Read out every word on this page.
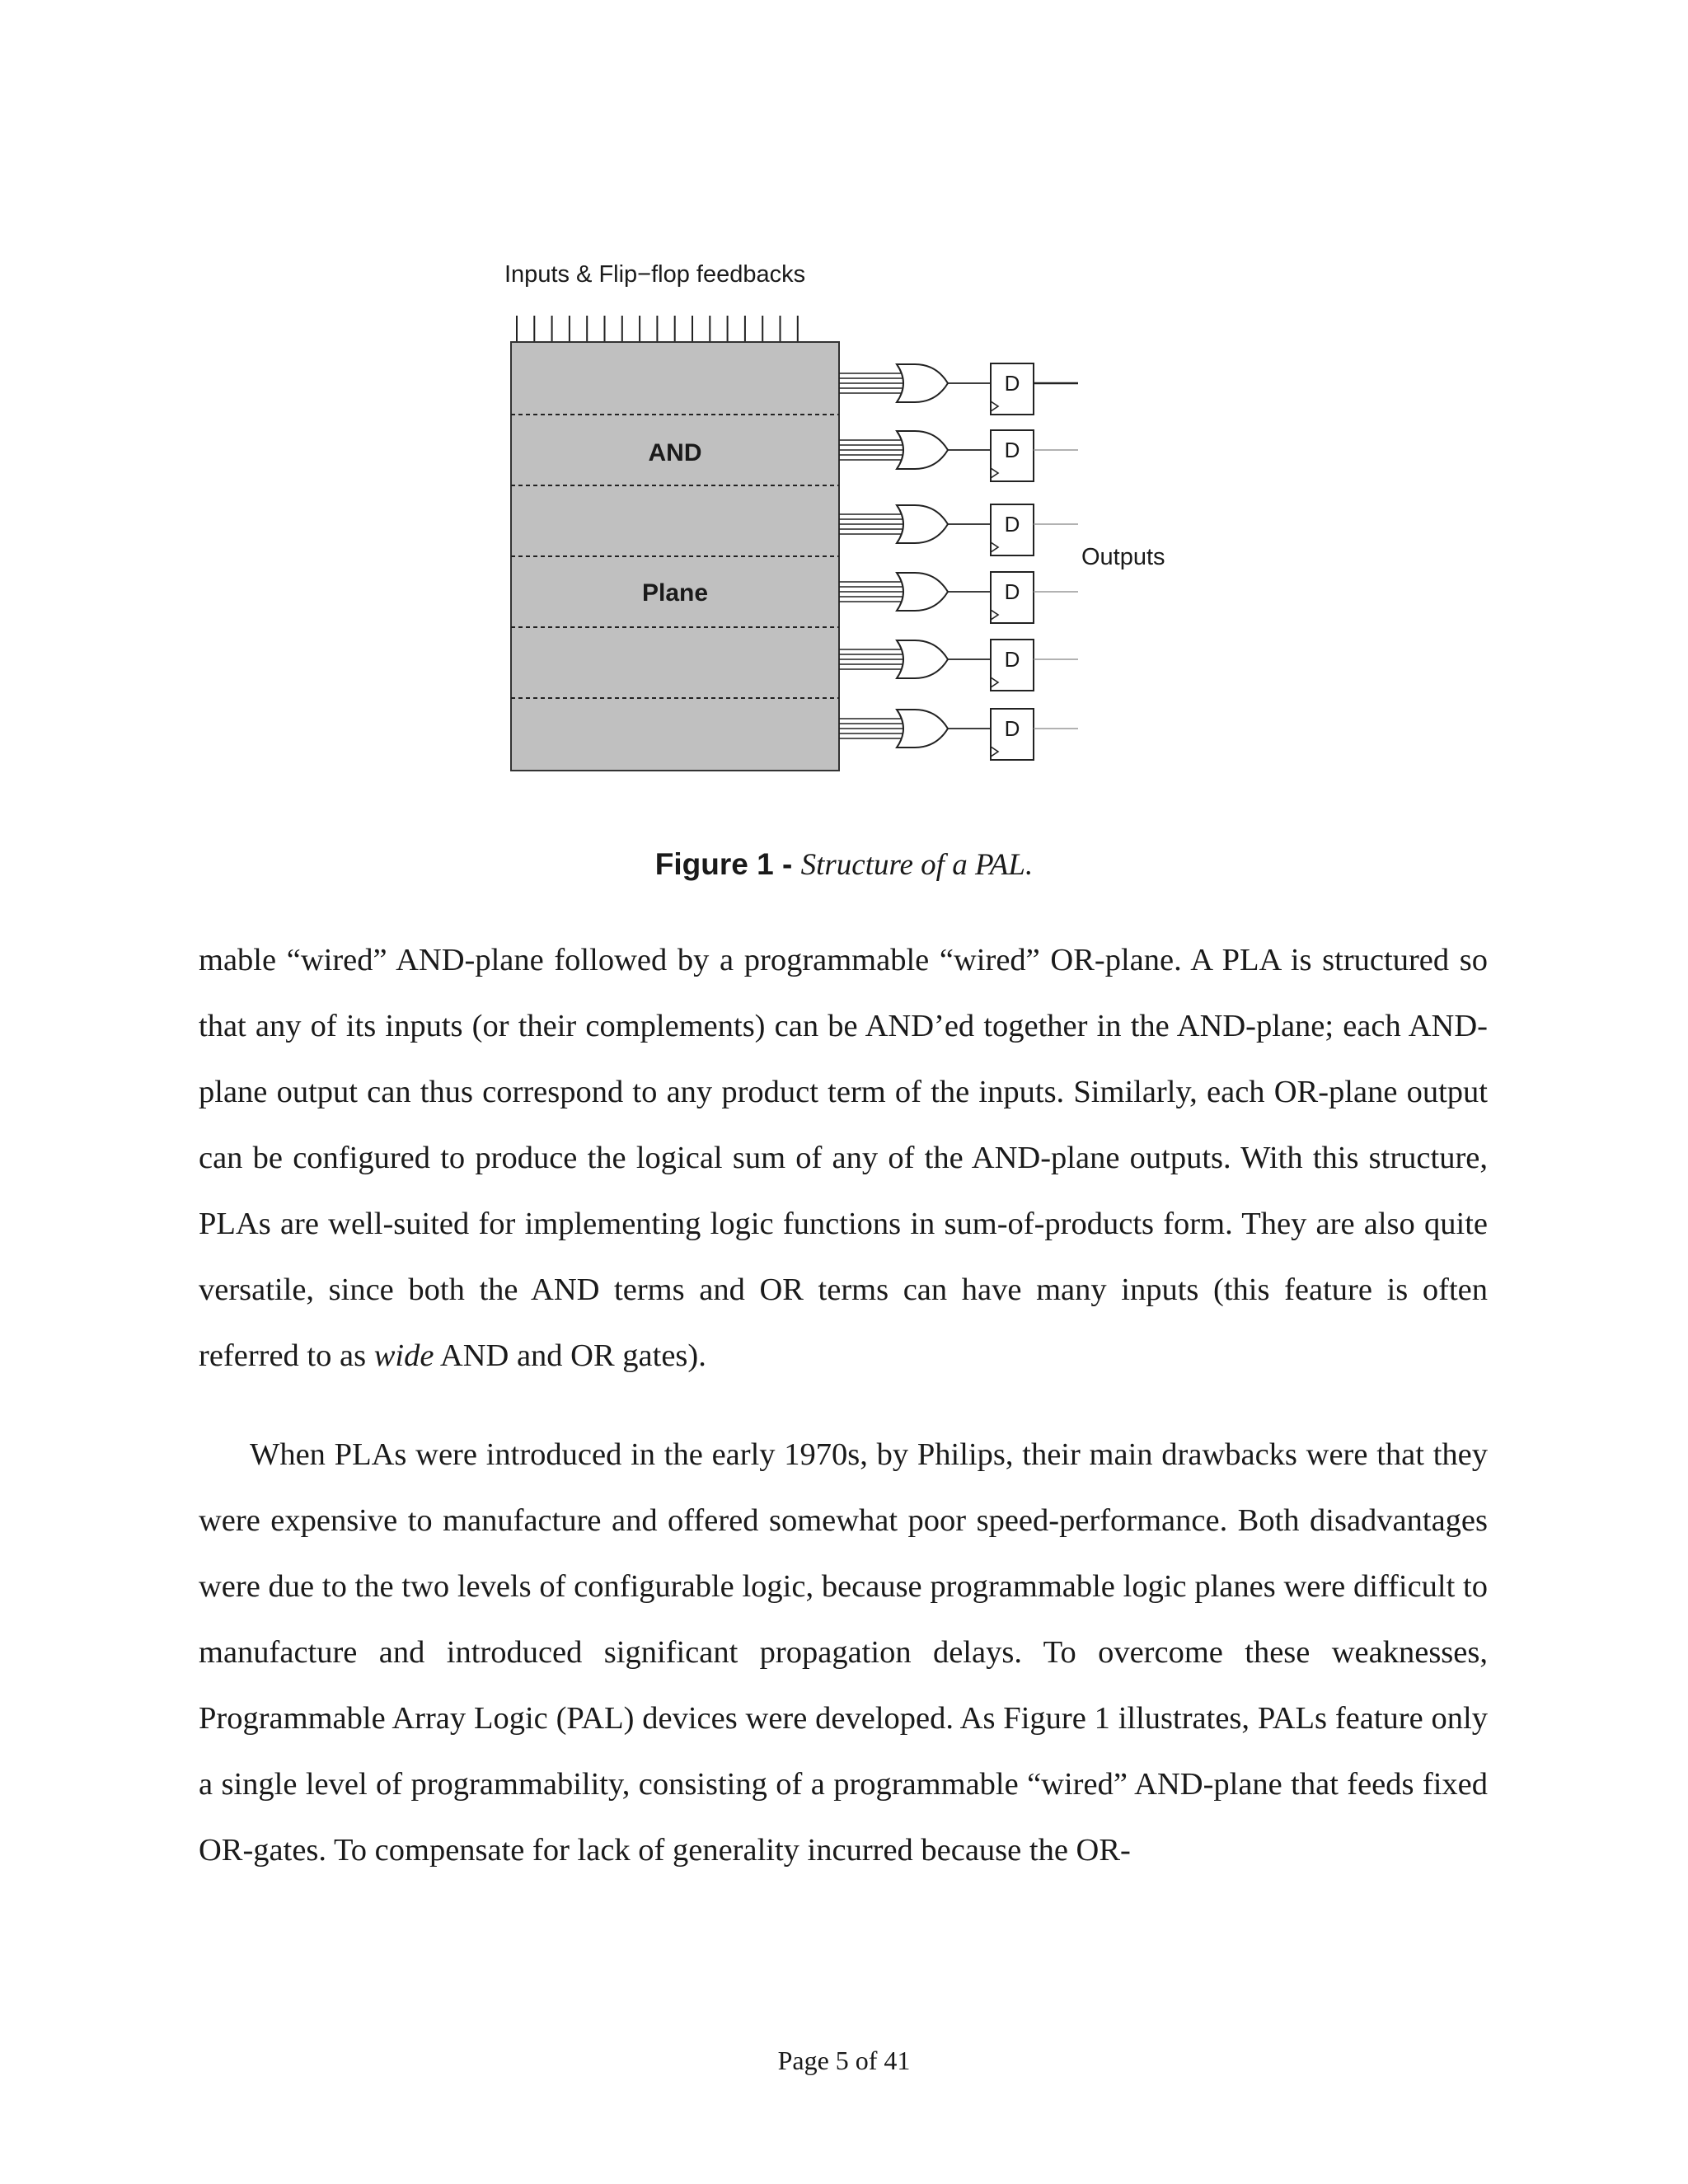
Inputs & Flip−flop feedbacks
AND
Plane
D
D
D
D
D
D
Outputs
Figure 1 - Structure of a PAL.

mable “wired” AND-plane followed by a programmable “wired” OR-plane. A PLA is structured so that any of its inputs (or their complements) can be AND’ed together in the AND-plane; each AND-plane output can thus correspond to any product term of the inputs. Similarly, each OR-plane output can be configured to produce the logical sum of any of the AND-plane outputs. With this structure, PLAs are well-suited for implementing logic functions in sum-of-products form. They are also quite versatile, since both the AND terms and OR terms can have many inputs (this feature is often referred to as wide AND and OR gates).

When PLAs were introduced in the early 1970s, by Philips, their main drawbacks were that they were expensive to manufacture and offered somewhat poor speed-performance. Both disadvantages were due to the two levels of configurable logic, because programmable logic planes were difficult to manufacture and introduced significant propagation delays. To overcome these weaknesses, Programmable Array Logic (PAL) devices were developed. As Figure 1 illustrates, PALs feature only a single level of programmability, consisting of a programmable “wired” AND-plane that feeds fixed OR-gates. To compensate for lack of generality incurred because the OR-

Page 5 of 41
